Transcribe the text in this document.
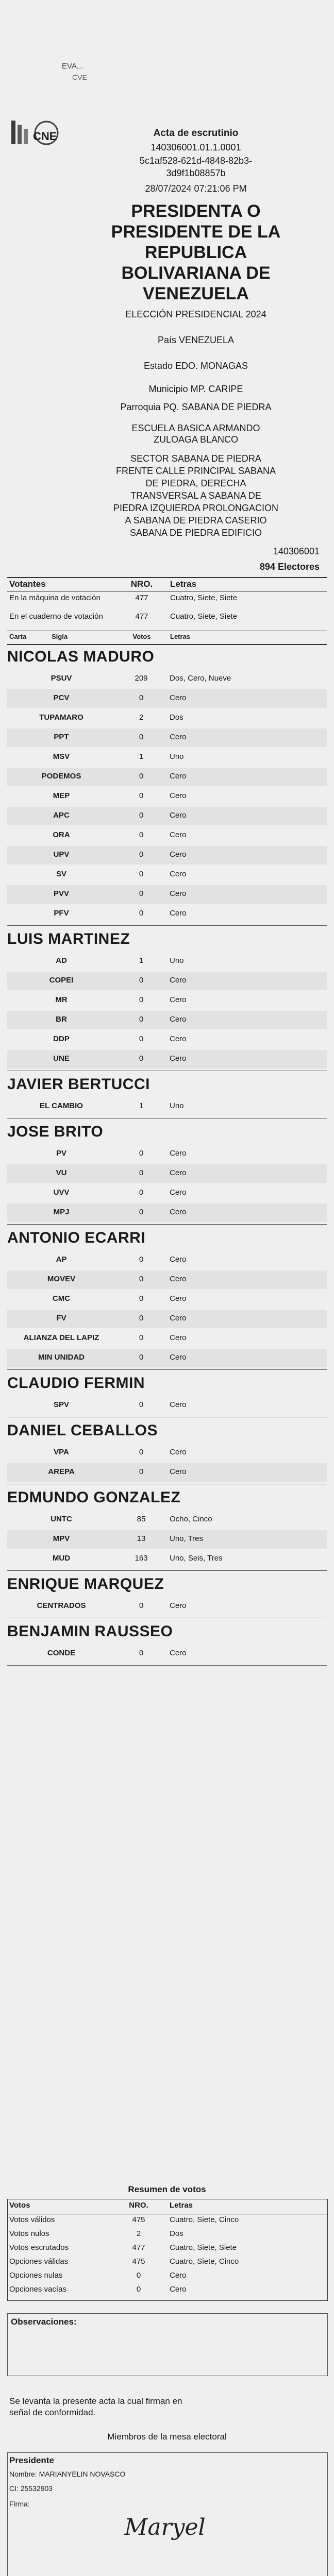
EVA...
CVE
CNE	Acta de escrutinio
140306001.01.1.0001
5c1af528-621d-4848-82b3-
3d9f1b08857b
28/07/2024 07:21:06 PM
PRESIDENTA O
PRESIDENTE DE LA
REPUBLICA
BOLIVARIANA DE
VENEZUELA
ELECCIÓN PRESIDENCIAL 2024
País VENEZUELA
Estado EDO. MONAGAS
Municipio MP. CARIPE
Parroquia PQ. SABANA DE PIEDRA
ESCUELA BASICA ARMANDO
ZULOAGA BLANCO
SECTOR SABANA DE PIEDRA
FRENTE CALLE PRINCIPAL SABANA
DE PIEDRA, DERECHA
TRANSVERSAL A SABANA DE
PIEDRA IZQUIERDA PROLONGACION
A SABANA DE PIEDRA CASERIO
SABANA DE PIEDRA EDIFICIO
140306001
894 Electores
Votantes	NRO.	Letras
En la máquina de votación	477	Cuatro, Siete, Siete
En el cuaderno de votación	477	Cuatro, Siete, Siete
Carta	Sigla	Votos	Letras
NICOLAS MADURO
PSUV	209	Dos, Cero, Nueve
PCV	0	Cero
TUPAMARO	2	Dos
PPT	0	Cero
MSV	1	Uno
PODEMOS	0	Cero
MEP	0	Cero
APC	0	Cero
ORA	0	Cero
UPV	0	Cero
SV	0	Cero
PVV	0	Cero
PFV	0	Cero
LUIS MARTINEZ
AD	1	Uno
COPEI	0	Cero
MR	0	Cero
BR	0	Cero
DDP	0	Cero
UNE	0	Cero
JAVIER BERTUCCI
EL CAMBIO	1	Uno
JOSE BRITO
PV	0	Cero
VU	0	Cero
UVV	0	Cero
MPJ	0	Cero
ANTONIO ECARRI
AP	0	Cero
MOVEV	0	Cero
CMC	0	Cero
FV	0	Cero
ALIANZA DEL LAPIZ	0	Cero
MIN UNIDAD	0	Cero
CLAUDIO FERMIN
SPV	0	Cero
DANIEL CEBALLOS
VPA	0	Cero
AREPA	0	Cero
EDMUNDO GONZALEZ
UNTC	85	Ocho, Cinco
MPV	13	Uno, Tres
MUD	163	Uno, Seis, Tres
ENRIQUE MARQUEZ
CENTRADOS	0	Cero
BENJAMIN RAUSSEO
CONDE	0	Cero
Resumen de votos
Votos	NRO.	Letras
Votos válidos	475	Cuatro, Siete, Cinco
Votos nulos	2	Dos
Votos escrutados	477	Cuatro, Siete, Siete
Opciones válidas	475	Cuatro, Siete, Cinco
Opciones nulas	0	Cero
Opciones vacías	0	Cero
Observaciones:
Se levanta la presente acta la cual firman en
señal de conformidad.
Miembros de la mesa electoral
Presidente
Nombre: MARIANYELIN NOVASCO
CI: 25532903
Firma:
Maryel
